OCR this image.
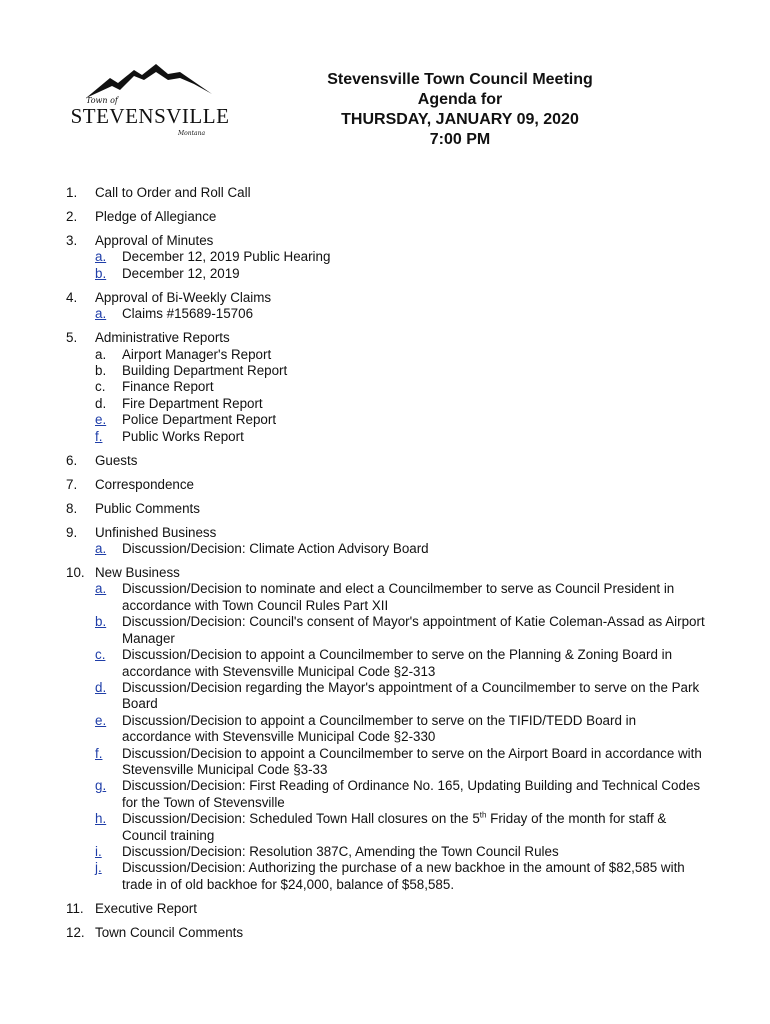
Town of
STEVENSVILLE
Montana
Stevensville Town Council Meeting
Agenda for
THURSDAY, JANUARY 09, 2020
7:00 PM
1.	Call to Order and Roll Call
2.	Pledge of Allegiance
3.	Approval of Minutes
a.	December 12, 2019 Public Hearing
b.	December 12, 2019
4.	Approval of Bi-Weekly Claims
a.	Claims #15689-15706
5.	Administrative Reports
a.	Airport Manager's Report
b.	Building Department Report
c.	Finance Report
d.	Fire Department Report
e.	Police Department Report
f.	Public Works Report
6.	Guests
7.	Correspondence
8.	Public Comments
9.	Unfinished Business
a.	Discussion/Decision: Climate Action Advisory Board
10. New Business
a.	Discussion/Decision to nominate and elect a Councilmember to serve as Council President in accordance with Town Council Rules Part XII
b.	Discussion/Decision: Council's consent of Mayor's appointment of Katie Coleman-Assad as Airport Manager
c.	Discussion/Decision to appoint a Councilmember to serve on the Planning & Zoning Board in accordance with Stevensville Municipal Code §2-313
d.	Discussion/Decision regarding the Mayor's appointment of a Councilmember to serve on the Park Board
e.	Discussion/Decision to appoint a Councilmember to serve on the TIFID/TEDD Board in accordance with Stevensville Municipal Code §2-330
f.	Discussion/Decision to appoint a Councilmember to serve on the Airport Board in accordance with Stevensville Municipal Code §3-33
g.	Discussion/Decision: First Reading of Ordinance No. 165, Updating Building and Technical Codes for the Town of Stevensville
h.	Discussion/Decision: Scheduled Town Hall closures on the 5th Friday of the month for staff & Council training
i.	Discussion/Decision: Resolution 387C, Amending the Town Council Rules
j.	Discussion/Decision: Authorizing the purchase of a new backhoe in the amount of $82,585 with trade in of old backhoe for $24,000, balance of $58,585.
11. Executive Report
12. Town Council Comments
